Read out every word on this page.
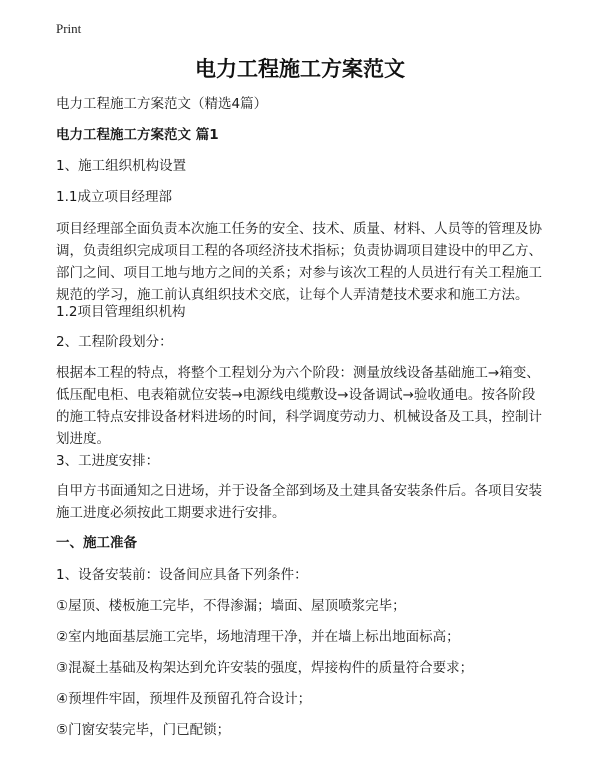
Print
电力工程施工方案范文
电力工程施工方案范文（精选4篇）
电力工程施工方案范文 篇1
1、施工组织机构设置
1.1成立项目经理部
项目经理部全面负责本次施工任务的安全、技术、质量、材料、人员等的管理及协
调，负责组织完成项目工程的各项经济技术指标；负责协调项目建设中的甲乙方、
部门之间、项目工地与地方之间的关系；对参与该次工程的人员进行有关工程施工
规范的学习，施工前认真组织技术交底，让每个人弄清楚技术要求和施工方法。
1.2项目管理组织机构
2、工程阶段划分：
根据本工程的特点，将整个工程划分为六个阶段：测量放线设备基础施工→箱变、
低压配电柜、电表箱就位安装→电源线电缆敷设→设备调试→验收通电。按各阶段
的施工特点安排设备材料进场的时间，科学调度劳动力、机械设备及工具，控制计
划进度。
3、工进度安排：
自甲方书面通知之日进场，并于设备全部到场及土建具备安装条件后。各项目安装
施工进度必须按此工期要求进行安排。
一、施工准备
1、设备安装前：设备间应具备下列条件：
①屋顶、楼板施工完毕，不得渗漏；墙面、屋顶喷浆完毕；
②室内地面基层施工完毕，场地清理干净，并在墙上标出地面标高；
③混凝土基础及构架达到允许安装的强度，焊接构件的质量符合要求；
④预埋件牢固，预埋件及预留孔符合设计；
⑤门窗安装完毕，门已配锁；
